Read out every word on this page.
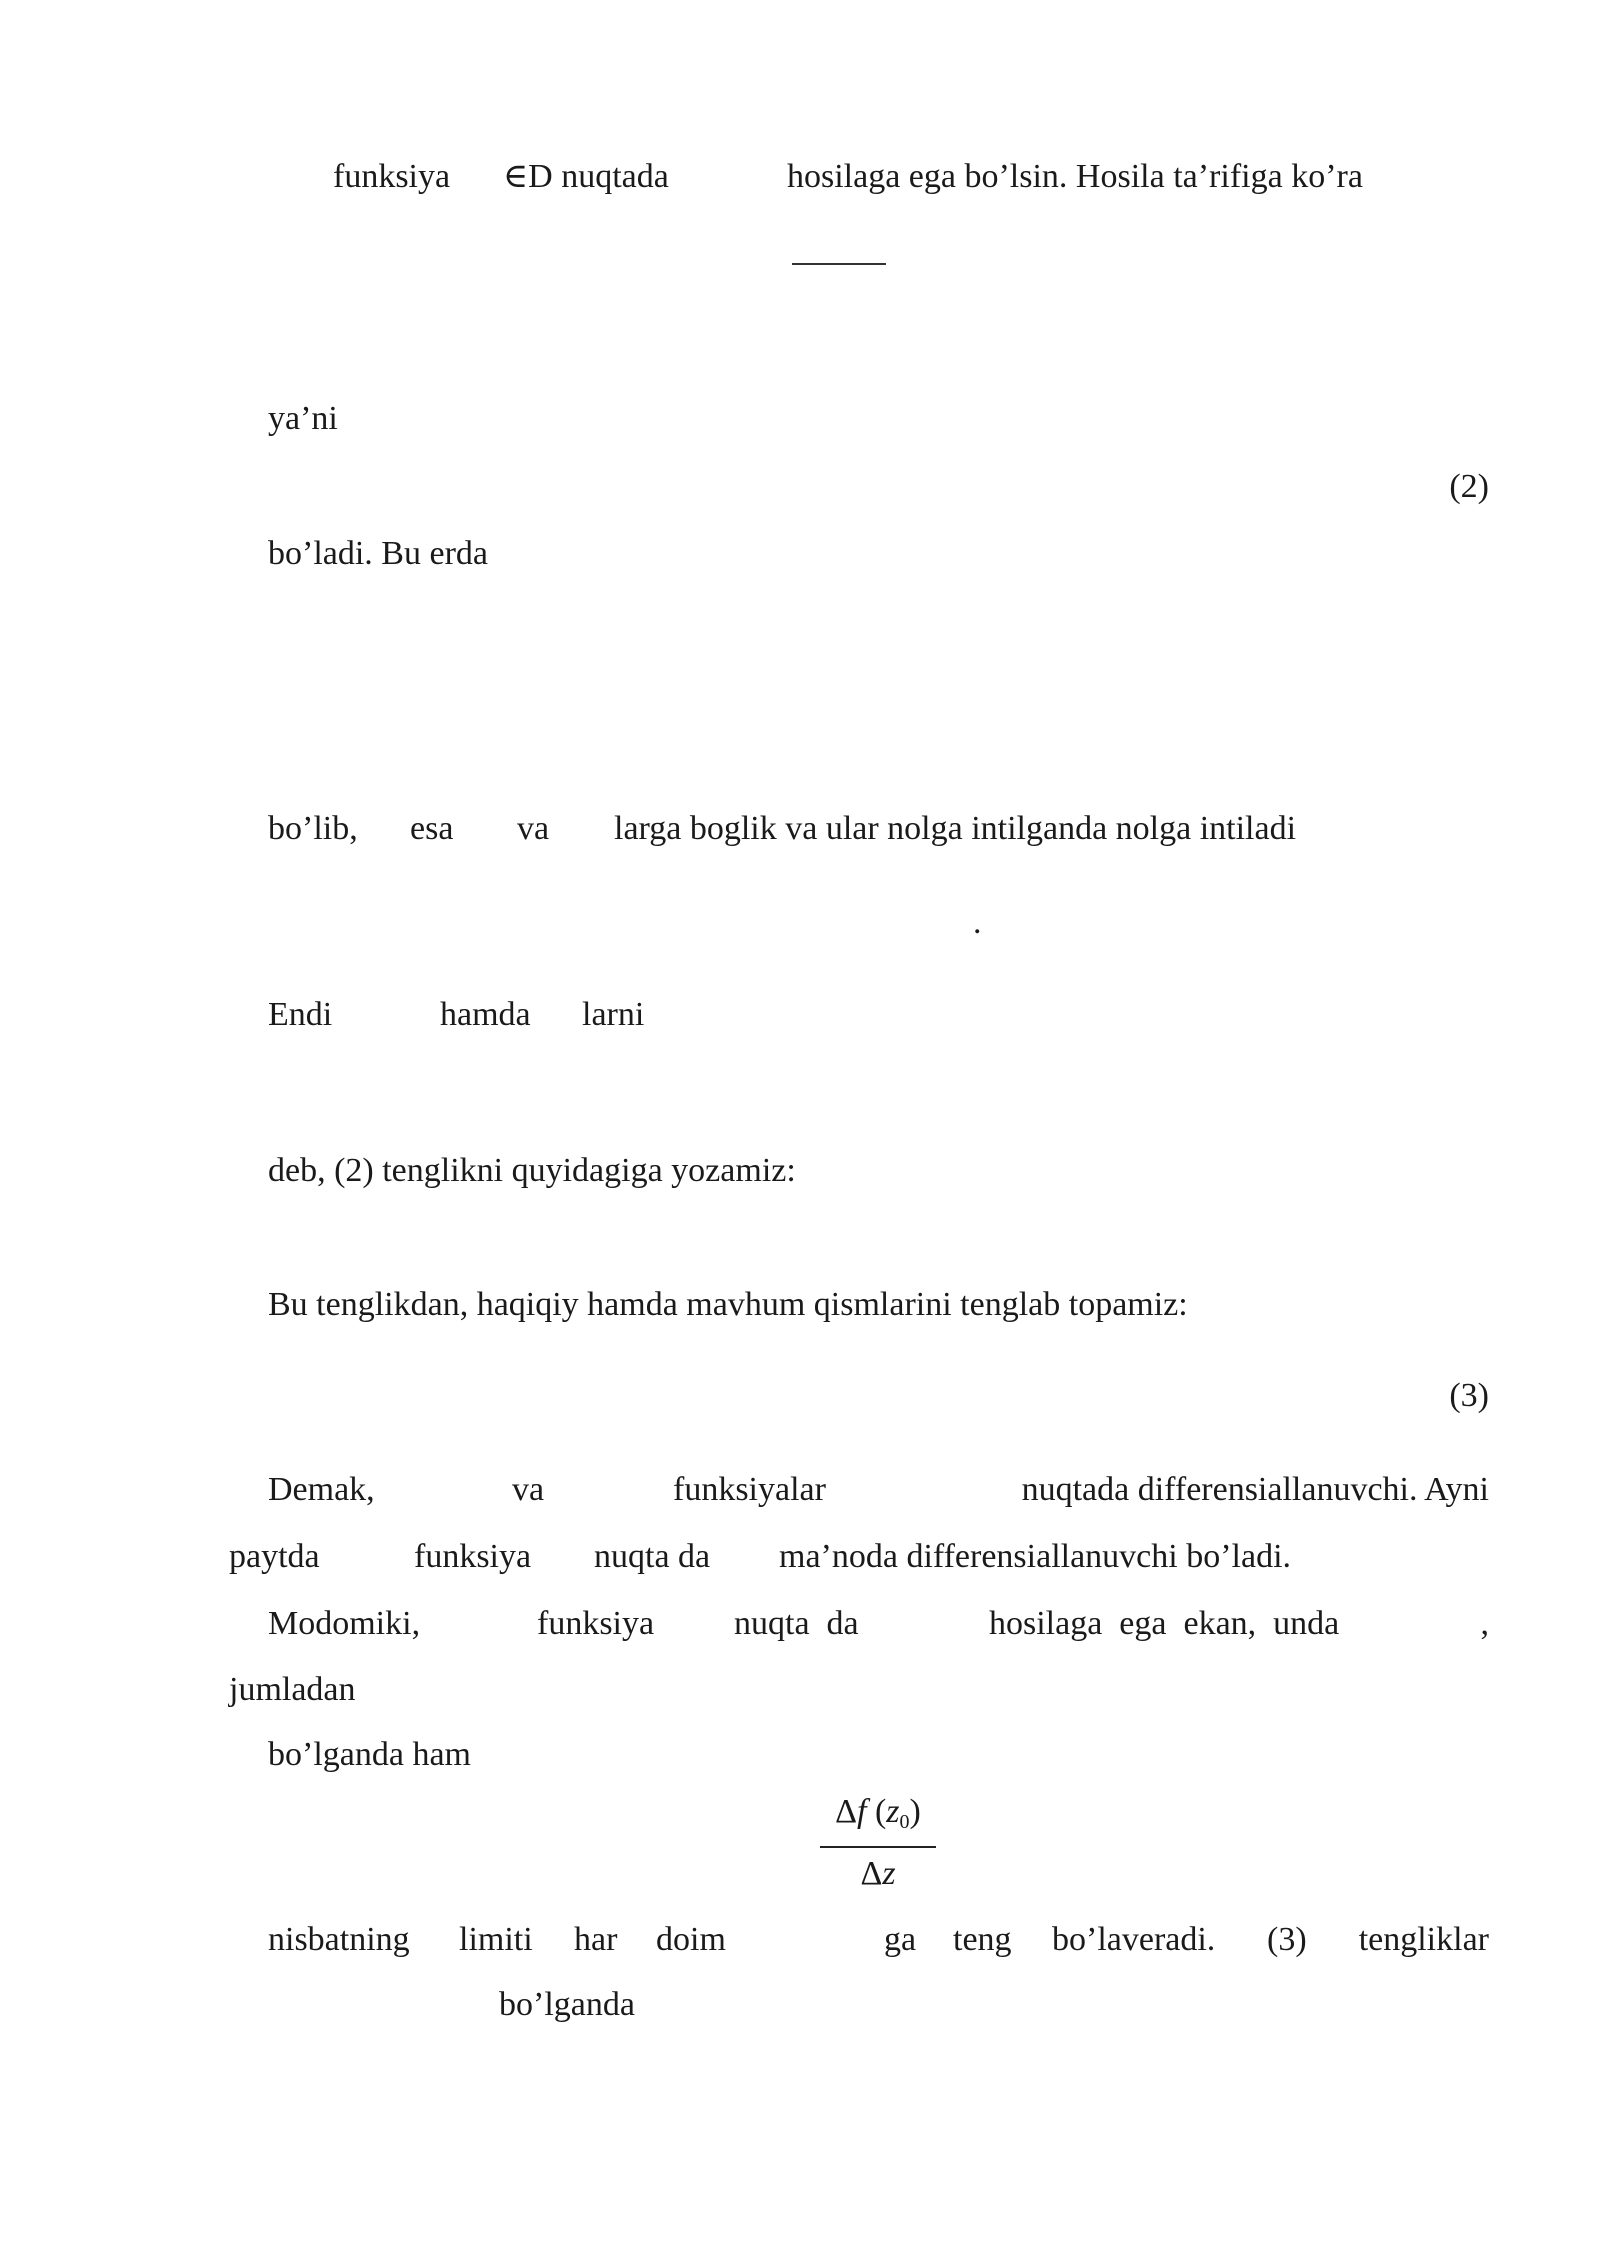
funksiya ∈D nuqtada	hosilaga ega bo’lsin. Hosila ta’rifiga ko’ra
ya’ni
(2)
bo’ladi. Bu erda
bo’lib, esa va larga boglik va ular nolga intilganda nolga intiladi
.
Endi	hamda larni
deb, (2) tenglikni quyidagiga yozamiz:
Bu tenglikdan, haqiqiy hamda mavhum qismlarini tenglab topamiz:
(3)
Demak,	va	funksiyalar	nuqtada differensiallanuvchi. Ayni
paytda	funksiya nuqta da ma’noda differensiallanuvchi bo’ladi.
Modomiki,	funksiya nuqta  da	hosilaga  ega  ekan,  unda	,
jumladan
bo’lganda ham
Δf $(z_0)$
Δz
nisbatning limiti har doim	ga teng bo’laveradi. (3) tengliklar
bo’lganda
